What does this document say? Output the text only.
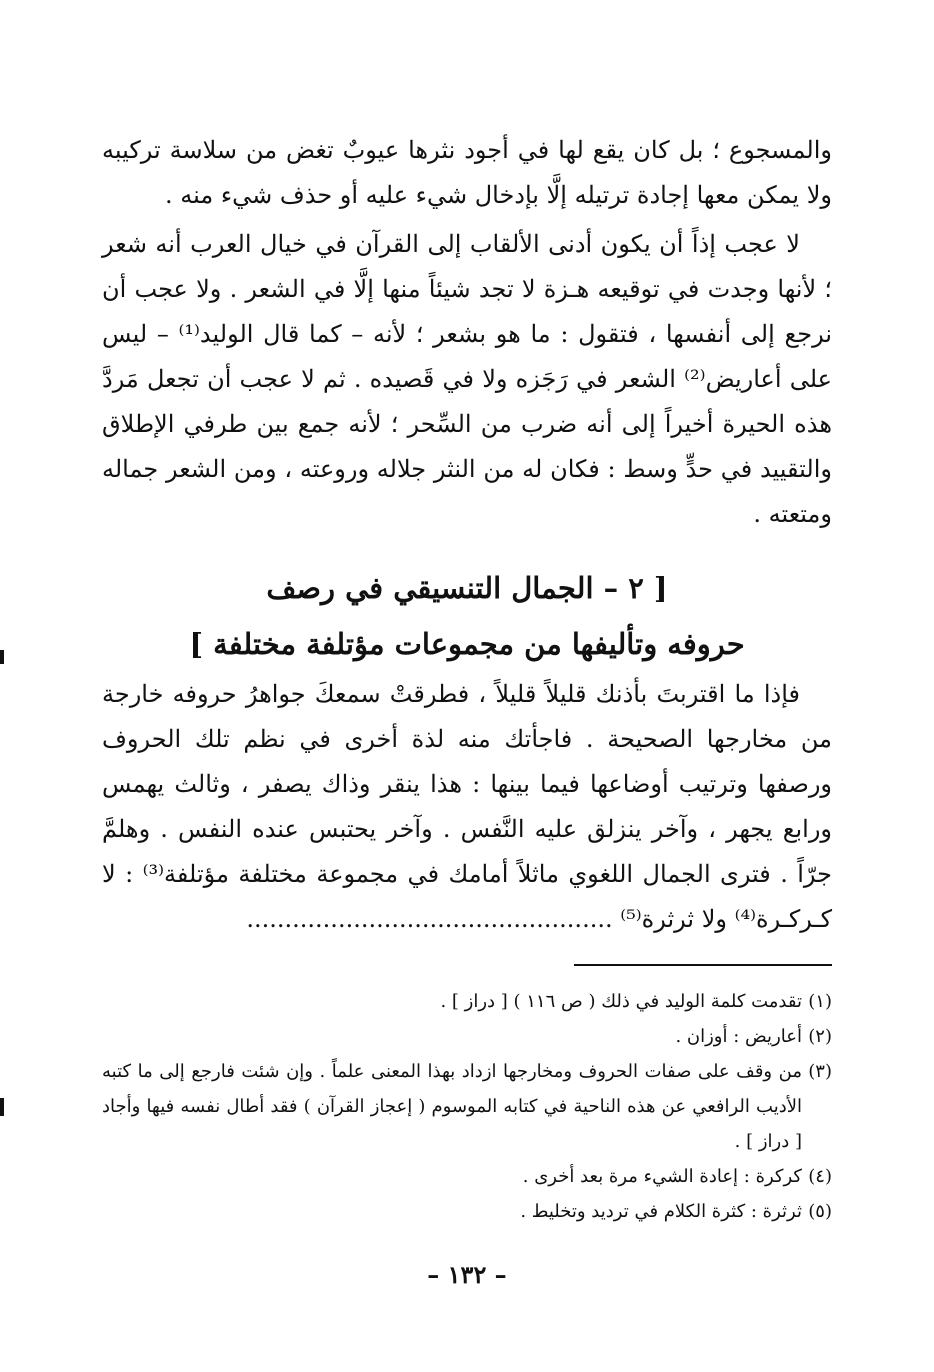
والمسجوع ؛ بل كان يقع لها في أجود نثرها عيوبٌ تغض من سلاسة تركيبه ولا يمكن معها إجادة ترتيله إلَّا بإدخال شيء عليه أو حذف شيء منه .
لا عجب إذاً أن يكون أدنى الألقاب إلى القرآن في خيال العرب أنه شعر ؛ لأنها وجدت في توقيعه هـزة لا تجد شيئاً منها إلَّا في الشعر . ولا عجب أن نرجع إلى أنفسها ، فتقول : ما هو بشعر ؛ لأنه – كما قال الوليد⁽¹⁾ – ليس على أعاريض⁽²⁾ الشعر في رَجَزه ولا في قَصيده . ثم لا عجب أن تجعل مَردَّ هذه الحيرة أخيراً إلى أنه ضرب من السِّحر ؛ لأنه جمع بين طرفي الإطلاق والتقييد في حدٍّ وسط : فكان له من النثر جلاله وروعته ، ومن الشعر جماله ومتعته .
[ ٢ – الجمال التنسيقي في رصف
حروفه وتأليفها من مجموعات مؤتلفة مختلفة ]
فإذا ما اقتربتَ بأذنك قليلاً قليلاً ، فطرقتْ سمعكَ جواهرُ حروفه خارجة من مخارجها الصحيحة . فاجأتك منه لذة أخرى في نظم تلك الحروف ورصفها وترتيب أوضاعها فيما بينها : هذا ينقر وذاك يصفر ، وثالث يهمس ورابع يجهر ، وآخر ينزلق عليه النَّفس . وآخر يحتبس عنده النفس . وهلمَّ جرّاً . فترى الجمال اللغوي ماثلاً أمامك في مجموعة مختلفة مؤتلفة⁽³⁾ : لا كـركـرة⁽⁴⁾ ولا ثرثرة⁽⁵⁾ ................................................
(١)
تقدمت كلمة الوليد في ذلك ( ص ١١٦ ) [ دراز ] .
(٢)
أعاريض : أوزان .
(٣)
من وقف على صفات الحروف ومخارجها ازداد بهذا المعنى علماً . وإن شئت فارجع إلى ما كتبه الأديب الرافعي عن هذه الناحية في كتابه الموسوم ( إعجاز القرآن ) فقد أطال نفسه فيها وأجاد [ دراز ] .
(٤)
كركرة : إعادة الشيء مرة بعد أخرى .
(٥)
ثرثرة : كثرة الكلام في ترديد وتخليط .
– ١٣٢ –
